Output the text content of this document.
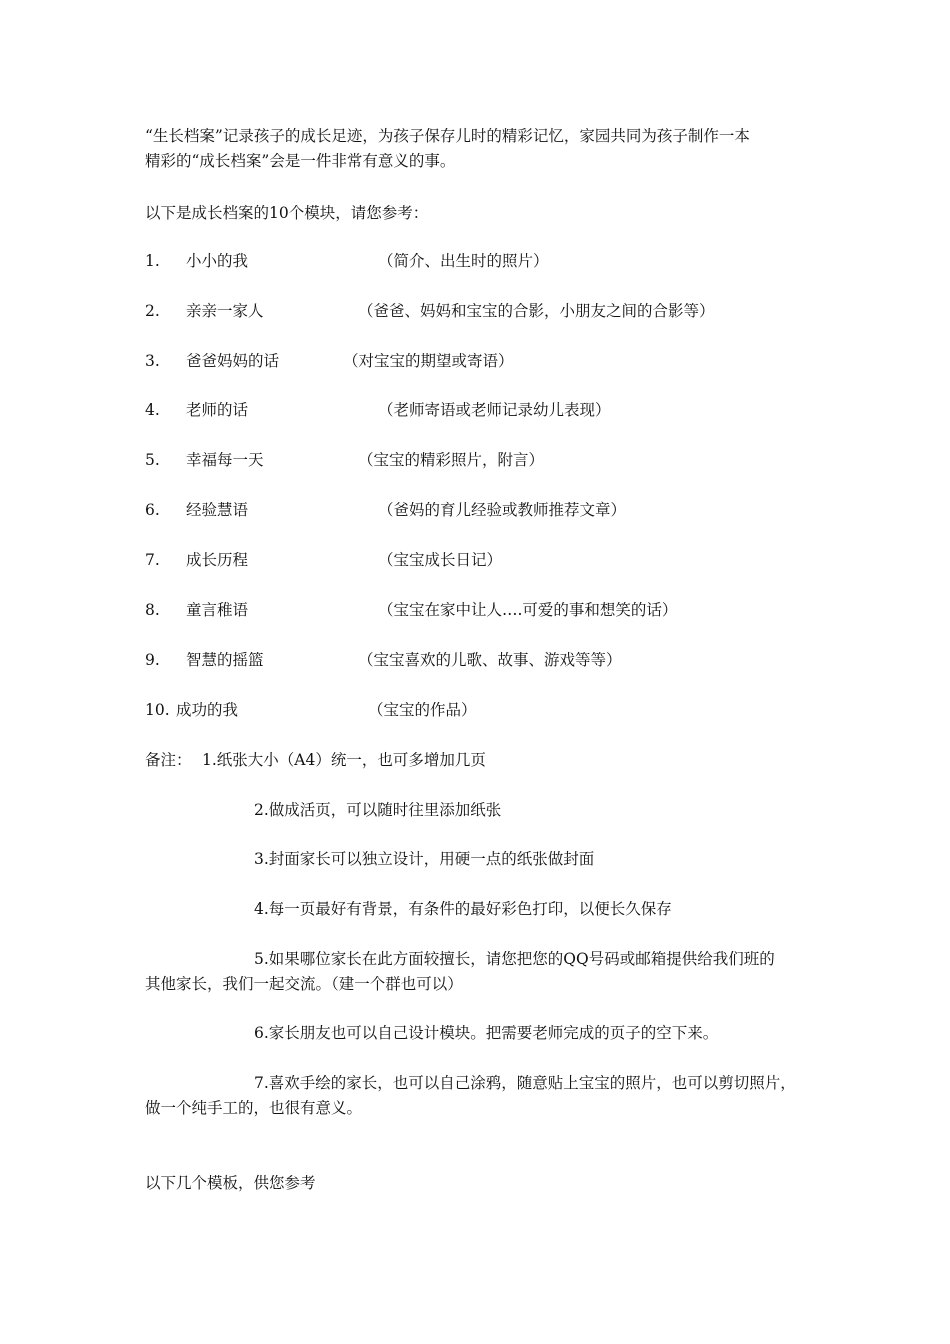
“生长档案”记录孩子的成长足迹，为孩子保存儿时的精彩记忆，家园共同为孩子制作一本
精彩的“成长档案”会是一件非常有意义的事。
以下是成长档案的10个模块，请您参考：
1. 小小的我	（简介、出生时的照片）
2. 亲亲一家人	（爸爸、妈妈和宝宝的合影，小朋友之间的合影等）
3. 爸爸妈妈的话	（对宝宝的期望或寄语）
4. 老师的话	（老师寄语或老师记录幼儿表现）
5. 幸福每一天	（宝宝的精彩照片，附言）
6. 经验慧语	（爸妈的育儿经验或教师推荐文章）
7. 成长历程	（宝宝成长日记）
8. 童言稚语	（宝宝在家中让人….可爱的事和想笑的话）
9. 智慧的摇篮	（宝宝喜欢的儿歌、故事、游戏等等）
10. 成功的我	（宝宝的作品）
备注： 1.纸张大小（A4）统一，也可多增加几页
2.做成活页，可以随时往里添加纸张
3.封面家长可以独立设计，用硬一点的纸张做封面
4.每一页最好有背景，有条件的最好彩色打印，以便长久保存
5.如果哪位家长在此方面较擅长，请您把您的QQ号码或邮箱提供给我们班的
其他家长，我们一起交流。（建一个群也可以）
6.家长朋友也可以自己设计模块。把需要老师完成的页子的空下来。
7.喜欢手绘的家长，也可以自己涂鸦，随意贴上宝宝的照片，也可以剪切照片，
做一个纯手工的，也很有意义。
以下几个模板，供您参考
